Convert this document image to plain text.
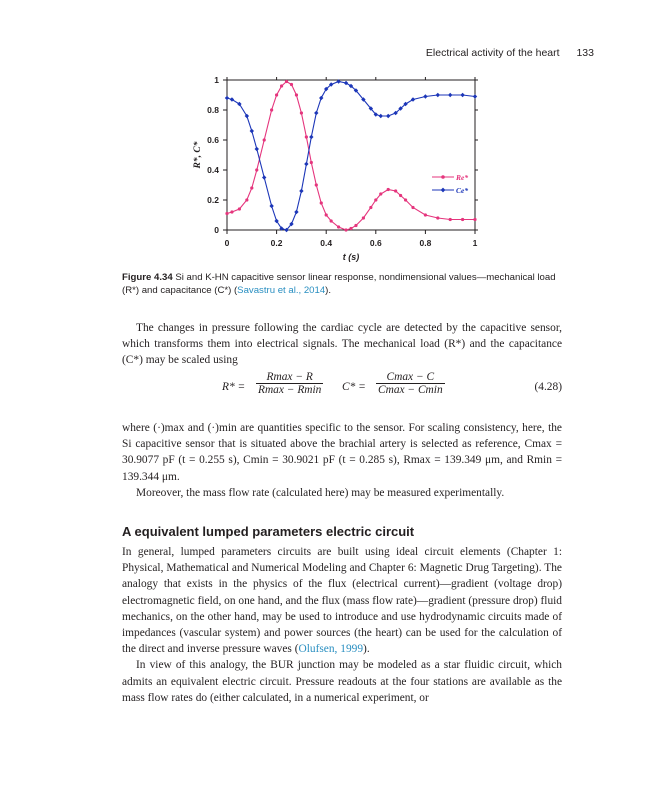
Electrical activity of the heart 133
0	0.2	0.4	0.6	0.8	1
0
0.2
0.4
0.6
0.8
1
t (s)
R*, C*
Re*
Ce*
Figure 4.34 Si and K-HN capacitive sensor linear response, nondimensional values—mechanical load (R*) and capacitance (C*) (Savastru et al., 2014).

The changes in pressure following the cardiac cycle are detected by the capacitive sensor, which transforms them into electrical signals. The mechanical load (R*) and the capacitance (C*) may be scaled using

R* =
Rmax − R
Rmax − Rmin C* =
Cmax − C
Cmax − Cmin	(4.28)

where (·)max and (·)min are quantities specific to the sensor. For scaling consistency, here, the Si capacitive sensor that is situated above the brachial artery is selected as reference, Cmax = 30.9077 pF (t = 0.255 s), Cmin = 30.9021 pF (t = 0.285 s), Rmax = 139.349 μm, and Rmin = 139.344 μm.

Moreover, the mass flow rate (calculated here) may be measured experimentally.

A equivalent lumped parameters electric circuit

In general, lumped parameters circuits are built using ideal circuit elements (Chapter 1: Physical, Mathematical and Numerical Modeling and Chapter 6: Magnetic Drug Targeting). The analogy that exists in the physics of the flux (electrical current)—gradient (voltage drop) electromagnetic field, on one hand, and the flux (mass flow rate)—gradient (pressure drop) fluid mechanics, on the other hand, may be used to introduce and use hydrodynamic circuits made of impedances (vascular system) and power sources (the heart) can be used for the calculation of the direct and inverse pressure waves (Olufsen, 1999).

In view of this analogy, the BUR junction may be modeled as a star fluidic circuit, which admits an equivalent electric circuit. Pressure readouts at the four stations are available as the mass flow rates do (either calculated, in a numerical experiment, or
